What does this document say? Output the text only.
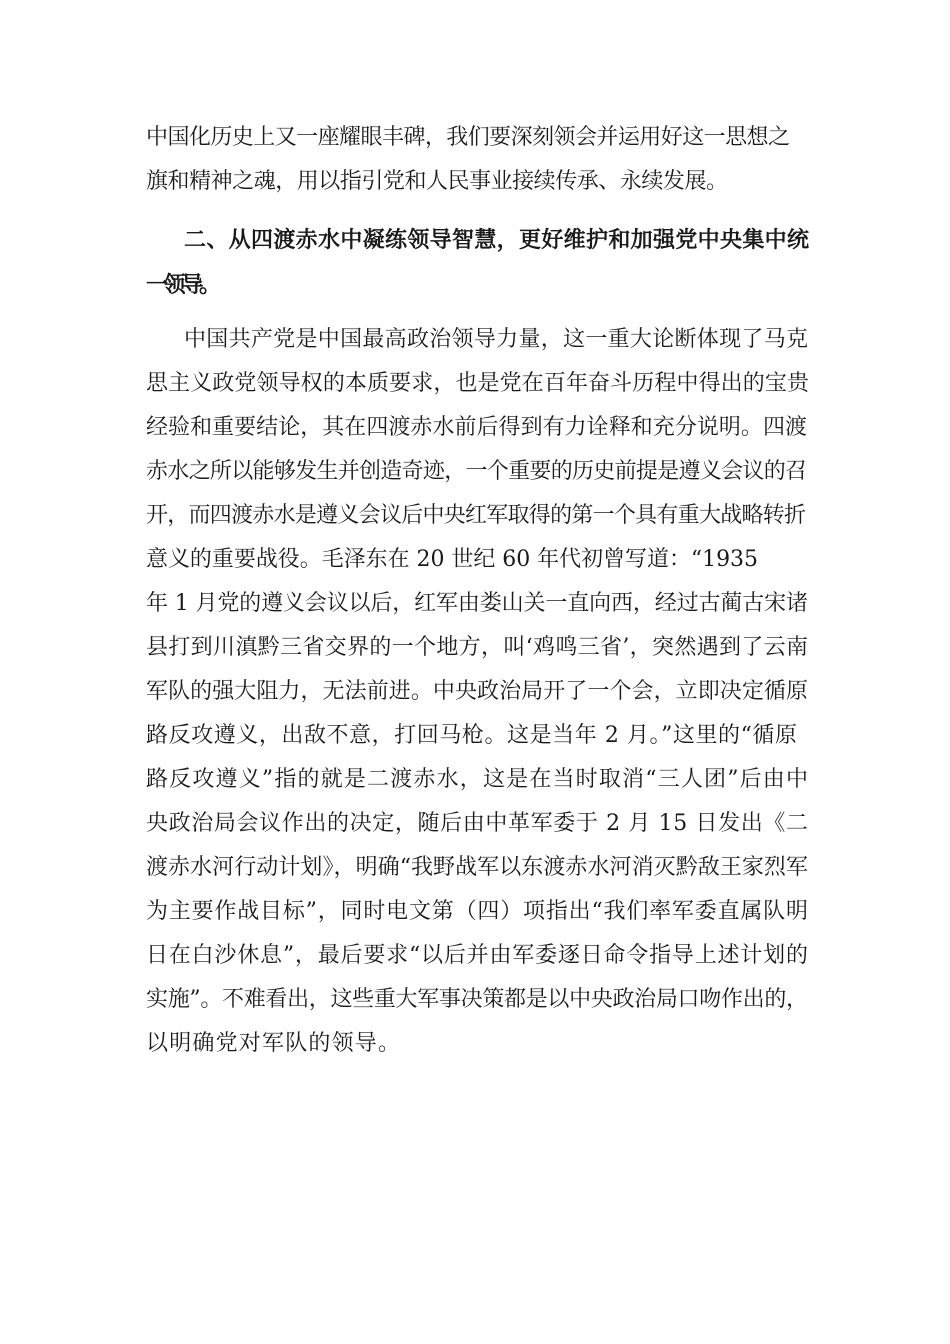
中国化历史上又一座耀眼丰碑，我们要深刻领会并运用好这一思想之
旗和精神之魂，用以指引党和人民事业接续传承、永续发展。
二、从四渡赤水中凝练领导智慧，更好维护和加强党中央集中统
一领导。
中国共产党是中国最高政治领导力量，这一重大论断体现了马克
思主义政党领导权的本质要求，也是党在百年奋斗历程中得出的宝贵
经验和重要结论，其在四渡赤水前后得到有力诠释和充分说明。四渡
赤水之所以能够发生并创造奇迹，一个重要的历史前提是遵义会议的召
开，而四渡赤水是遵义会议后中央红军取得的第一个具有重大战略转折
意义的重要战役。毛泽东在 20 世纪 60 年代初曾写道：“1935
年 1 月党的遵义会议以后，红军由娄山关一直向西，经过古蔺古宋诸
县打到川滇黔三省交界的一个地方，叫‘鸡鸣三省’，突然遇到了云南
军队的强大阻力，无法前进。中央政治局开了一个会，立即决定循原
路反攻遵义，出敌不意，打回马枪。这是当年 2 月。”这里的“循原
路反攻遵义”指的就是二渡赤水，这是在当时取消“三人团”后由中
央政治局会议作出的决定，随后由中革军委于 2 月 15 日发出《二
渡赤水河行动计划》，明确“我野战军以东渡赤水河消灭黔敌王家烈军
为主要作战目标”，同时电文第（四）项指出“我们率军委直属队明
日在白沙休息”，最后要求“以后并由军委逐日命令指导上述计划的
实施”。不难看出，这些重大军事决策都是以中央政治局口吻作出的，
以明确党对军队的领导。
